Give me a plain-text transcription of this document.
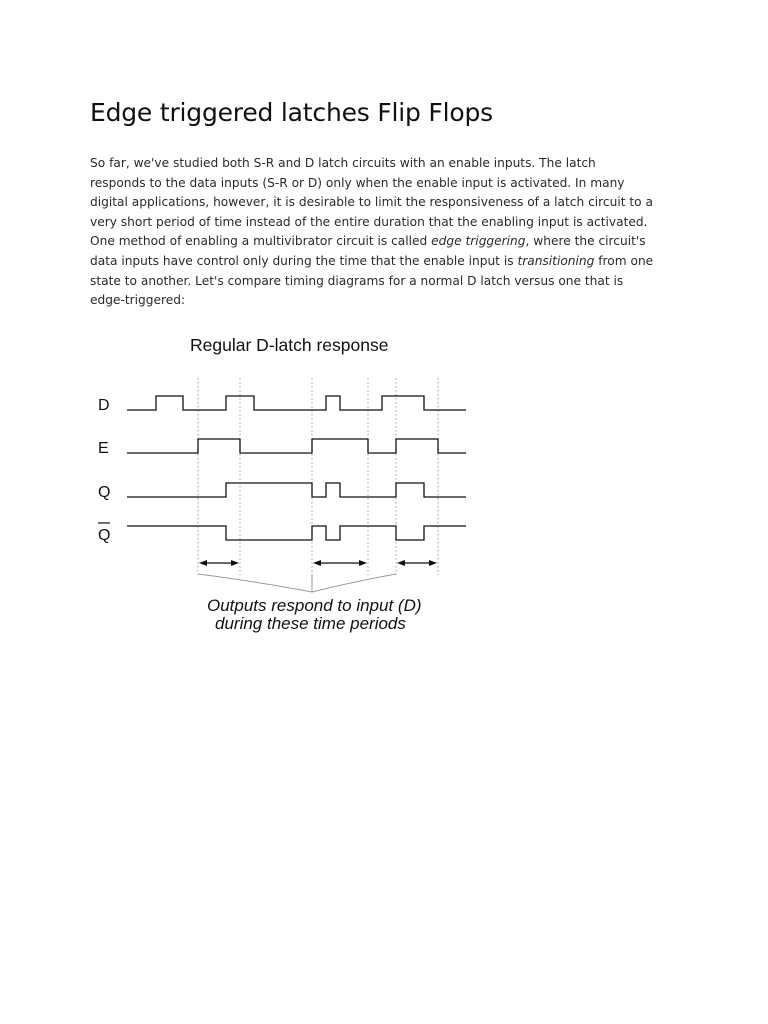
Edge triggered latches Flip Flops

So far, we've studied both S-R and D latch circuits with an enable inputs. The latch
responds to the data inputs (S-R or D) only when the enable input is activated. In many
digital applications, however, it is desirable to limit the responsiveness of a latch circuit to a
very short period of time instead of the entire duration that the enabling input is activated.
One method of enabling a multivibrator circuit is called edge triggering, where the circuit's
data inputs have control only during the time that the enable input is transitioning from one
state to another. Let's compare timing diagrams for a normal D latch versus one that is
edge-triggered:

Regular D-latch response
D
E
Q
Q
Outputs respond to input (D)
during these time periods
